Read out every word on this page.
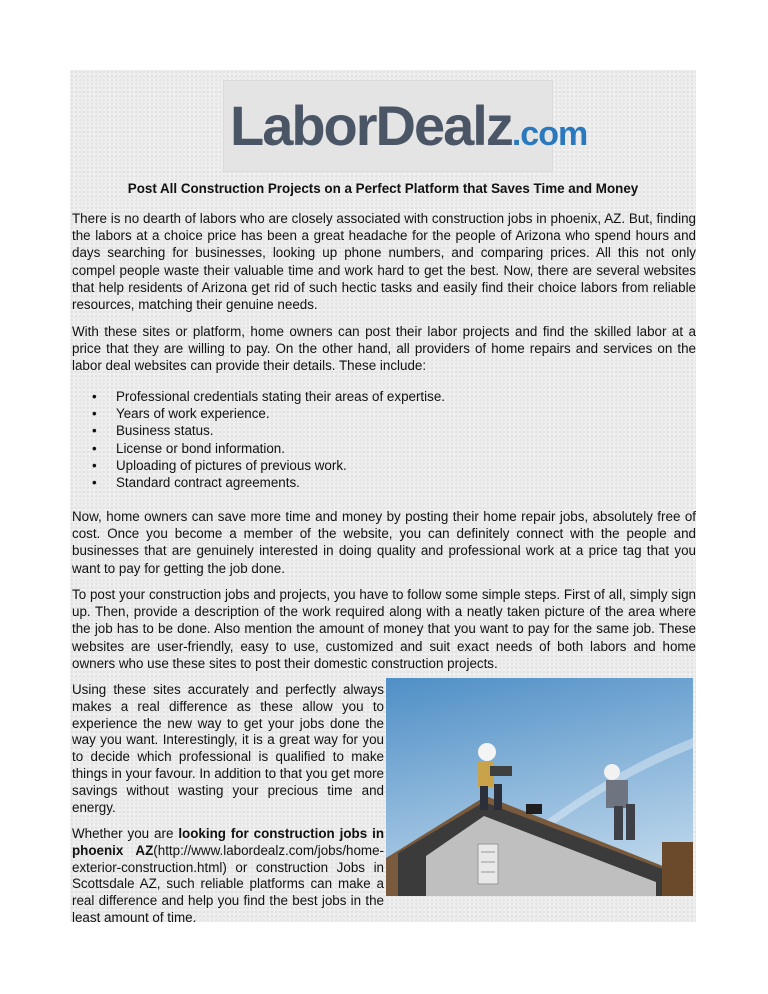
LaborDealz.com
Post All Construction Projects on a Perfect Platform that Saves Time and Money

There is no dearth of labors who are closely associated with construction jobs in phoenix, AZ. But, finding the labors at a choice price has been a great headache for the people of Arizona who spend hours and days searching for businesses, looking up phone numbers, and comparing prices. All this not only compel people waste their valuable time and work hard to get the best. Now, there are several websites that help residents of Arizona get rid of such hectic tasks and easily find their choice labors from reliable resources, matching their genuine needs.

With these sites or platform, home owners can post their labor projects and find the skilled labor at a price that they are willing to pay. On the other hand, all providers of home repairs and services on the labor deal websites can provide their details. These include:

• Professional credentials stating their areas of expertise.
• Years of work experience.
• Business status.
• License or bond information.
• Uploading of pictures of previous work.
• Standard contract agreements.

Now, home owners can save more time and money by posting their home repair jobs, absolutely free of cost. Once you become a member of the website, you can definitely connect with the people and businesses that are genuinely interested in doing quality and professional work at a price tag that you want to pay for getting the job done.

To post your construction jobs and projects, you have to follow some simple steps. First of all, simply sign up. Then, provide a description of the work required along with a neatly taken picture of the area where the job has to be done. Also mention the amount of money that you want to pay for the same job. These websites are user-friendly, easy to use, customized and suit exact needs of both labors and home owners who use these sites to post their domestic construction projects.

Using these sites accurately and perfectly always makes a real difference as these allow you to experience the new way to get your jobs done the way you want. Interestingly, it is a great way for you to decide which professional is qualified to make things in your favour. In addition to that you get more savings without wasting your precious time and energy.

Whether you are looking for construction jobs in phoenix AZ(http://www.labordealz.com/jobs/home-exterior-construction.html) or construction Jobs in Scottsdale AZ, such reliable platforms can make a real difference and help you find the best jobs in the least amount of time.
